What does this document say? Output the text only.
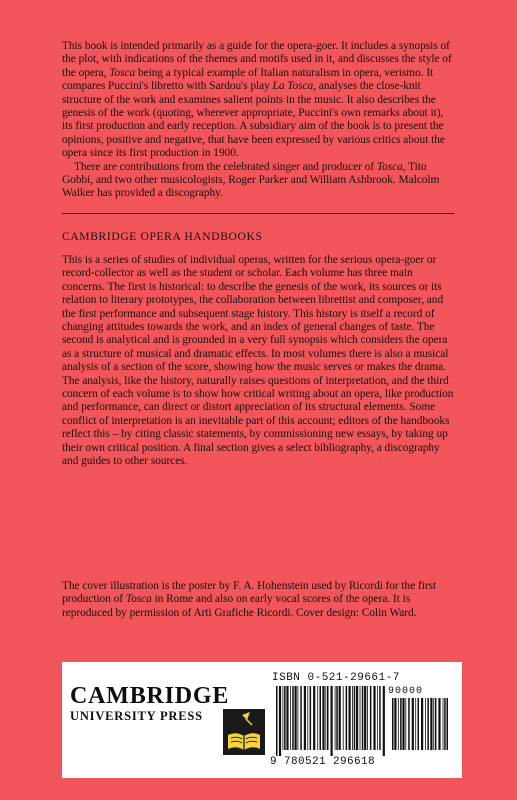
This book is intended primarily as a guide for the opera-goer. It includes a synopsis of the plot, with indications of the themes and motifs used in it, and discusses the style of the opera, Tosca being a typical example of Italian naturalism in opera, verismo. It compares Puccini's libretto with Sardou's play La Tosca, analyses the close-knit structure of the work and examines salient points in the music. It also describes the genesis of the work (quoting, wherever appropriate, Puccini's own remarks about it), its first production and early reception. A subsidiary aim of the book is to present the opinions, positive and negative, that have been expressed by various critics about the opera since its first production in 1900.

There are contributions from the celebrated singer and producer of Tosca, Tito Gobbi, and two other musicologists, Roger Parker and William Ashbrook. Malcolm Walker has provided a discography.

CAMBRIDGE OPERA HANDBOOKS

This is a series of studies of individual operas, written for the serious opera-goer or record-collector as well as the student or scholar. Each volume has three main concerns. The first is historical: to describe the genesis of the work, its sources or its relation to literary prototypes, the collaboration between librettist and composer, and the first performance and subsequent stage history. This history is itself a record of changing attitudes towards the work, and an index of general changes of taste. The second is analytical and is grounded in a very full synopsis which considers the opera as a structure of musical and dramatic effects. In most volumes there is also a musical analysis of a section of the score, showing how the music serves or makes the drama. The analysis, like the history, naturally raises questions of interpretation, and the third concern of each volume is to show how critical writing about an opera, like production and performance, can direct or distort appreciation of its structural elements. Some conflict of interpretation is an inevitable part of this account; editors of the handbooks reflect this – by citing classic statements, by commissioning new essays, by taking up their own critical position. A final section gives a select bibliography, a discography and guides to other sources.

The cover illustration is the poster by F. A. Hohenstein used by Ricordi for the first production of Tosca in Rome and also on early vocal scores of the opera. It is reproduced by permission of Arti Grafiche Ricordi. Cover design: Colin Ward.

CAMBRIDGE
UNIVERSITY PRESS
ISBN 0-521-29661-7
90000
9 780521 296618
